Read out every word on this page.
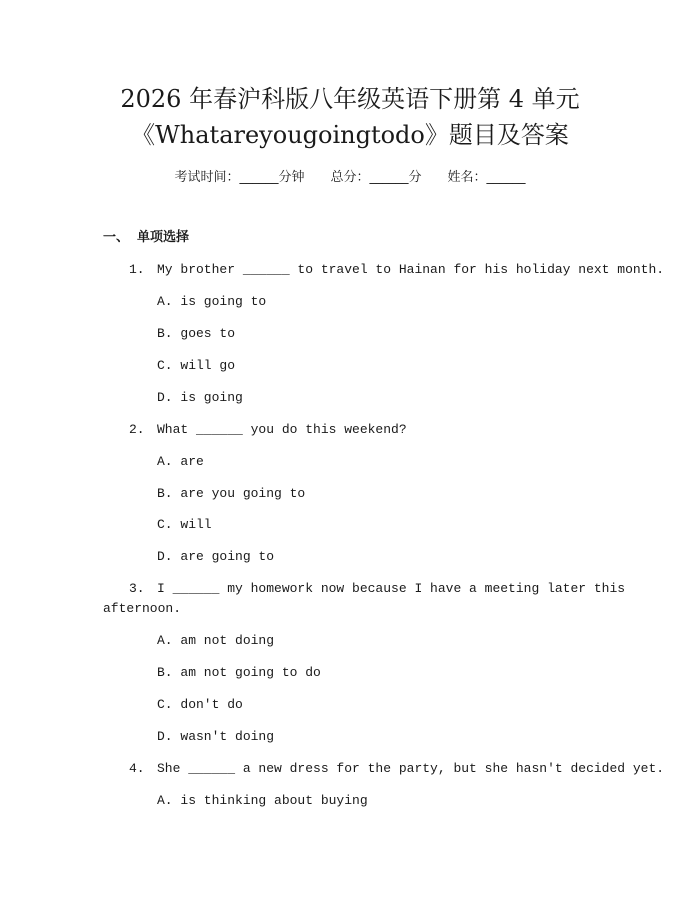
2026 年春沪科版八年级英语下册第 4 单元
《Whatareyougoingtodo》题目及答案
考试时间：______分钟 总分：______分 姓名：______
一、 单项选择
1. My brother ______ to travel to Hainan for his holiday next month.
A. is going to
B. goes to
C. will go
D. is going
2. What ______ you do this weekend?
A. are
B. are you going to
C. will
D. are going to
3. I ______ my homework now because I have a meeting later this
afternoon.
A. am not doing
B. am not going to do
C. don't do
D. wasn't doing
4. She ______ a new dress for the party, but she hasn't decided yet.
A. is thinking about buying
